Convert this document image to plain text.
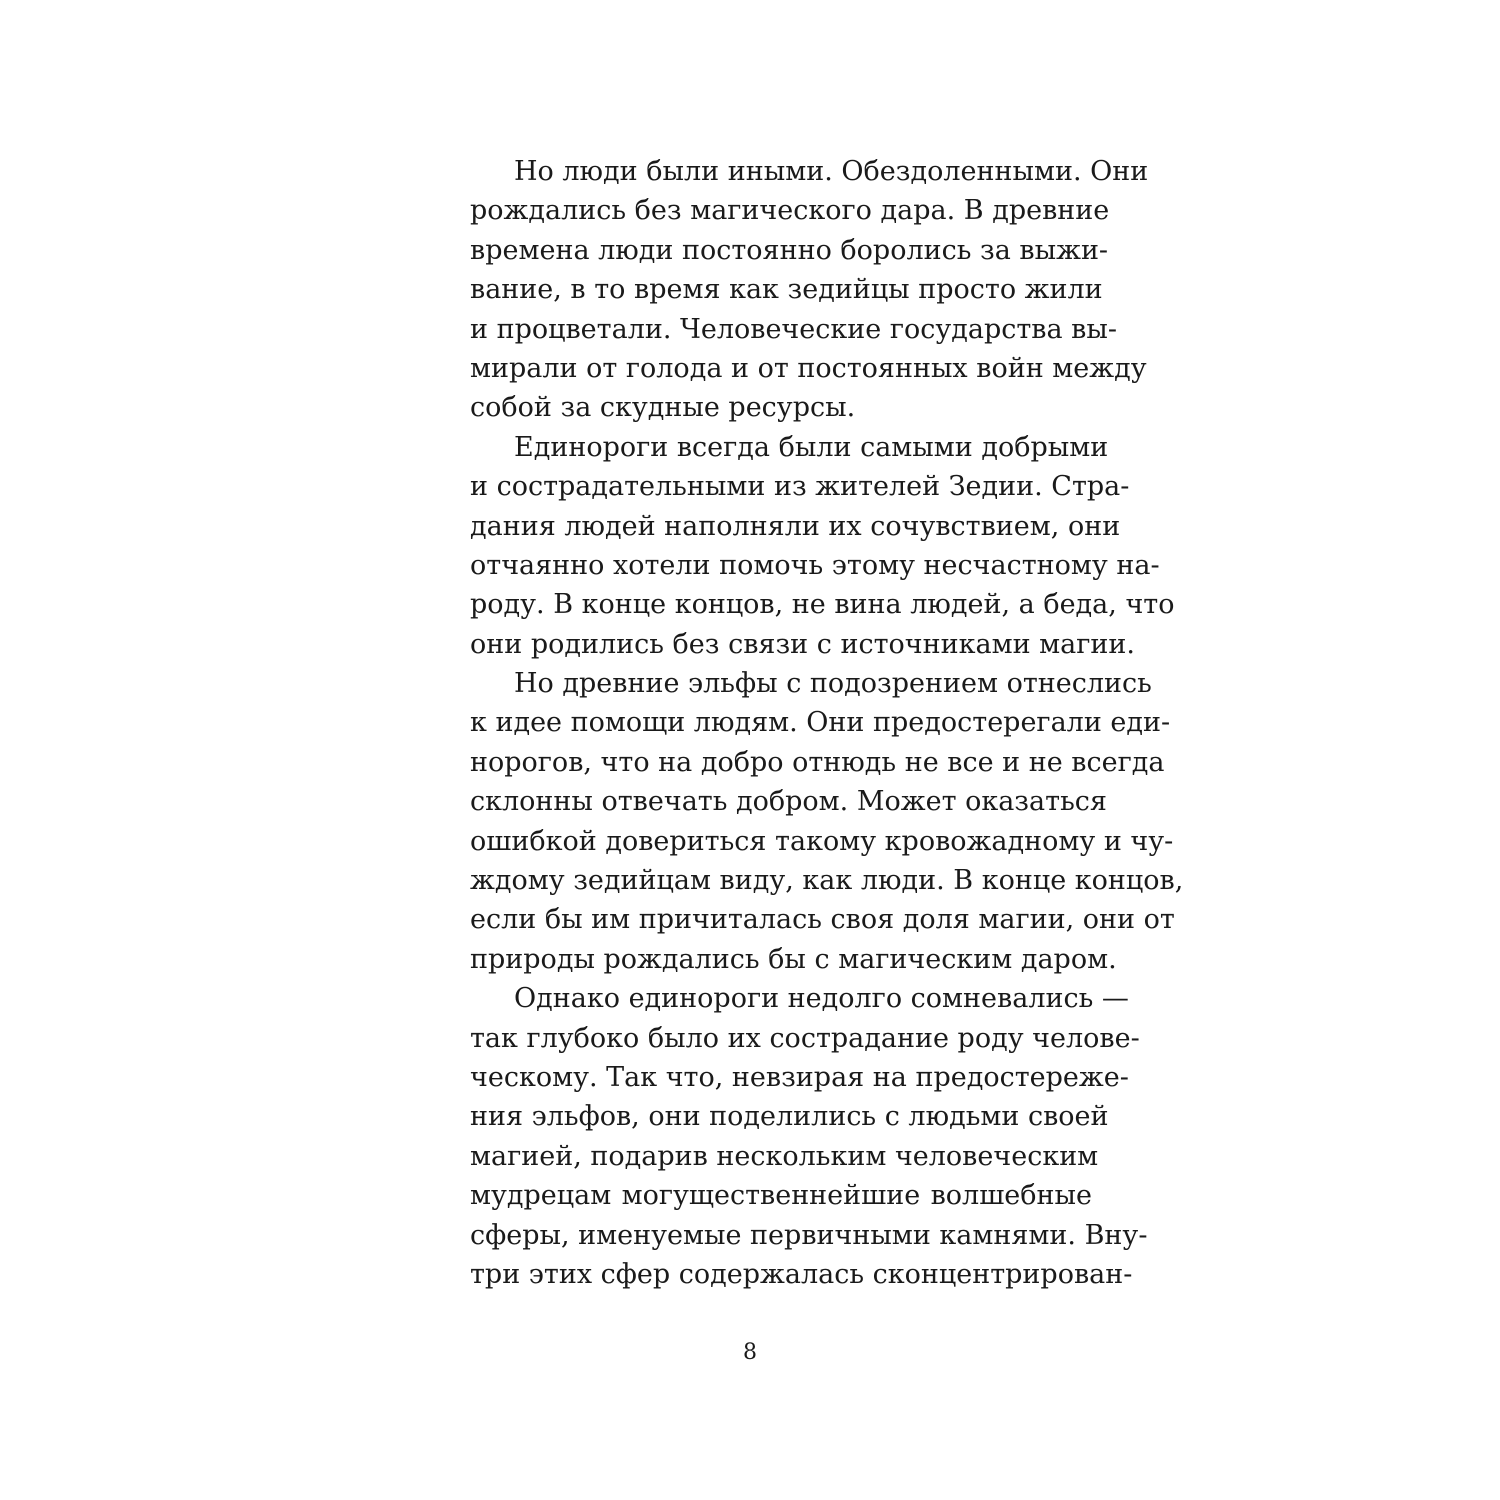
Но люди были иными. Обездоленными. Они
рождались без магического дара. В древние
времена люди постоянно боролись за выжи-
вание, в то время как зедийцы просто жили
и процветали. Человеческие государства вы-
мирали от голода и от постоянных войн между
собой за скудные ресурсы.

Единороги всегда были самыми добрыми
и сострадательными из жителей Зедии. Стра-
дания людей наполняли их сочувствием, они
отчаянно хотели помочь этому несчастному на-
роду. В конце концов, не вина людей, а беда, что
они родились без связи с источниками магии.

Но древние эльфы с подозрением отнеслись
к идее помощи людям. Они предостерегали еди-
норогов, что на добро отнюдь не все и не всегда
склонны отвечать добром. Может оказаться
ошибкой довериться такому кровожадному и чу-
ждому зедийцам виду, как люди. В конце концов,
если бы им причиталась своя доля магии, они от
природы рождались бы с магическим даром.

Однако единороги недолго сомневались —
так глубоко было их сострадание роду челове-
ческому. Так что, невзирая на предостереже-
ния эльфов, они поделились с людьми своей
магией, подарив нескольким человеческим
мудрецам могущественнейшие волшебные
сферы, именуемые первичными камнями. Вну-
три этих сфер содержалась сконцентрирован-

8
